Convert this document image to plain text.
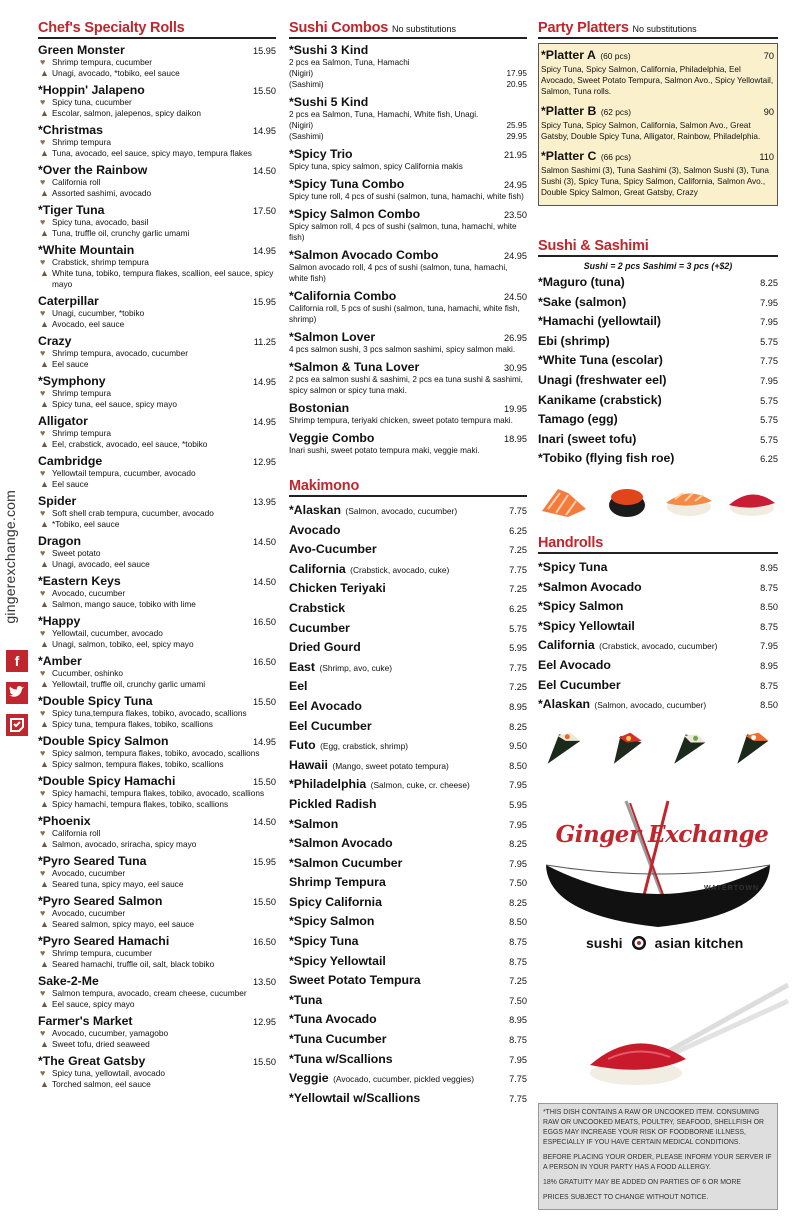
gingerexchange.com
f
Chef's Specialty Rolls
Green Monster	15.95
♥ Shrimp tempura, cucumber
▲ Unagi, avocado, *tobiko, eel sauce
*Hoppin' Jalapeno	15.50
♥ Spicy tuna, cucumber
▲ Escolar, salmon, jalepenos, spicy daikon
*Christmas	14.95
♥ Shrimp tempura
▲ Tuna, avocado, eel sauce, spicy mayo, tempura flakes
*Over the Rainbow	14.50
♥ California roll
▲ Assorted sashimi, avocado
*Tiger Tuna	17.50
♥ Spicy tuna, avocado, basil
▲ Tuna, truffle oil, crunchy garlic umami
*White Mountain	14.95
♥ Crabstick, shrimp tempura
▲ White tuna, tobiko, tempura flakes, scallion, eel sauce, spicy mayo
Caterpillar	15.95
♥ Unagi, cucumber, *tobiko
▲ Avocado, eel sauce
Crazy	11.25
♥ Shrimp tempura, avocado, cucumber
▲ Eel sauce
*Symphony	14.95
♥ Shrimp tempura
▲ Spicy tuna, eel sauce, spicy mayo
Alligator	14.95
♥ Shrimp tempura
▲ Eel, crabstick, avocado, eel sauce, *tobiko
Cambridge	12.95
♥ Yellowtail tempura, cucumber, avocado
▲ Eel sauce
Spider	13.95
♥ Soft shell crab tempura, cucumber, avocado
▲ *Tobiko, eel sauce
Dragon	14.50
♥ Sweet potato
▲ Unagi, avocado, eel sauce
*Eastern Keys	14.50
♥ Avocado, cucumber
▲ Salmon, mango sauce, tobiko with lime
*Happy	16.50
♥ Yellowtail, cucumber, avocado
▲ Unagi, salmon, tobiko, eel, spicy mayo
*Amber	16.50
♥ Cucumber, oshinko
▲ Yellowtail, truffle oil, crunchy garlic umami
*Double Spicy Tuna	15.50
♥ Spicy tuna,tempura flakes, tobiko, avocado, scallions
▲ Spicy tuna, tempura flakes, tobiko, scallions
*Double Spicy Salmon	14.95
♥ Spicy salmon, tempura flakes, tobiko, avocado, scallions
▲ Spicy salmon, tempura flakes, tobiko, scallions
*Double Spicy Hamachi	15.50
♥ Spicy hamachi, tempura flakes, tobiko, avocado, scallions
▲ Spicy hamachi, tempura flakes, tobiko, scallions
*Phoenix	14.50
♥ California roll
▲ Salmon, avocado, sriracha, spicy mayo
*Pyro Seared Tuna	15.95
♥ Avocado, cucumber
▲ Seared tuna, spicy mayo, eel sauce
*Pyro Seared Salmon	15.50
♥ Avocado, cucumber
▲ Seared salmon, spicy mayo, eel sauce
*Pyro Seared Hamachi	16.50
♥ Shrimp tempura, cucumber
▲ Seared hamachi, truffle oil, salt, black tobiko
Sake-2-Me	13.50
♥ Salmon tempura, avocado, cream cheese, cucumber
▲ Eel sauce, spicy mayo
Farmer's Market	12.95
♥ Avocado, cucumber, yamagobo
▲ Sweet tofu, dried seaweed
*The Great Gatsby	15.50
♥ Spicy tuna, yellowtail, avocado
▲ Torched salmon, eel sauce
Sushi Combos No substitutions
*Sushi 3 Kind
2 pcs ea Salmon, Tuna, Hamachi
(Nigiri)	17.95
(Sashimi)	20.95
*Sushi 5 Kind
2 pcs ea Salmon, Tuna, Hamachi, White fish, Unagi.
(Nigiri)	25.95
(Sashimi)	29.95
*Spicy Trio	21.95
Spicy tuna, spicy salmon, spicy California makis
*Spicy Tuna Combo	24.95
Spicy tune roll, 4 pcs of sushi (salmon, tuna, hamachi, white fish)
*Spicy Salmon Combo	23.50
Spicy salmon roll, 4 pcs of sushi (salmon, tuna, hamachi, white fish)
*Salmon Avocado Combo	24.95
Salmon avocado roll, 4 pcs of sushi (salmon, tuna, hamachi, white fish)
*California Combo	24.50
California roll, 5 pcs of sushi (salmon, tuna, hamachi, white fish, shrimp)
*Salmon Lover	26.95
4 pcs salmon sushi, 3 pcs salmon sashimi, spicy salmon maki.
*Salmon & Tuna Lover	30.95
2 pcs ea salmon sushi & sashimi, 2 pcs ea tuna sushi & sashimi, spicy salmon or spicy tuna maki.
Bostonian	19.95
Shrimp tempura, teriyaki chicken, sweet potato tempura maki.
Veggie Combo	18.95
Inari sushi, sweet potato tempura maki, veggie maki.
Makimono
*Alaskan (Salmon, avocado, cucumber)	7.75
Avocado	6.25
Avo-Cucumber	7.25
California (Crabstick, avocado, cuke)	7.75
Chicken Teriyaki	7.25
Crabstick	6.25
Cucumber	5.75
Dried Gourd	5.95
East (Shrimp, avo, cuke)	7.75
Eel	7.25
Eel Avocado	8.95
Eel Cucumber	8.25
Futo (Egg, crabstick, shrimp)	9.50
Hawaii (Mango, sweet potato tempura)	8.50
*Philadelphia (Salmon, cuke, cr. cheese)	7.95
Pickled Radish	5.95
*Salmon	7.95
*Salmon Avocado	8.25
*Salmon Cucumber	7.95
Shrimp Tempura	7.50
Spicy California	8.25
*Spicy Salmon	8.50
*Spicy Tuna	8.75
*Spicy Yellowtail	8.75
Sweet Potato Tempura	7.25
*Tuna	7.50
*Tuna Avocado	8.95
*Tuna Cucumber	8.75
*Tuna w/Scallions	7.95
Veggie (Avocado, cucumber, pickled veggies)	7.75
*Yellowtail w/Scallions	7.75
Party Platters No substitutions
*Platter A (60 pcs)	70
Spicy Tuna, Spicy Salmon, California, Philadelphia, Eel Avocado, Sweet Potato Tempura, Salmon Avo., Spicy Yellowtail, Salmon, Tuna rolls.
*Platter B (62 pcs)	90
Spicy Tuna, Spicy Salmon, California, Salmon Avo., Great Gatsby, Double Spicy Tuna, Alligator, Rainbow, Philadelphia.
*Platter C (66 pcs)	110
Salmon Sashimi (3), Tuna Sashimi (3), Salmon Sushi (3), Tuna Sushi (3), Spicy Tuna, Spicy Salmon, California, Salmon Avo., Double Spicy Salmon, Great Gatsby, Crazy
Sushi & Sashimi
Sushi = 2 pcs Sashimi = 3 pcs (+$2)
*Maguro (tuna)	8.25
*Sake (salmon)	7.95
*Hamachi (yellowtail)	7.95
Ebi (shrimp)	5.75
*White Tuna (escolar)	7.75
Unagi (freshwater eel)	7.95
Kanikame (crabstick)	5.75
Tamago (egg)	5.75
Inari (sweet tofu)	5.75
*Tobiko (flying fish roe)	6.25
Handrolls
*Spicy Tuna	8.95
*Salmon Avocado	8.75
*Spicy Salmon	8.50
*Spicy Yellowtail	8.75
California (Crabstick, avocado, cucumber)	7.95
Eel Avocado	8.95
Eel Cucumber	8.75
*Alaskan (Salmon, avocado, cucumber)	8.50
Ginger Exchange
WATERTOWN
sushi asian kitchen

*THIS DISH CONTAINS A RAW OR UNCOOKED ITEM. CONSUMING RAW OR UNCOOKED MEATS, POULTRY, SEAFOOD, SHELLFISH OR EGGS MAY INCREASE YOUR RISK OF FOODBORNE ILLNESS, ESPECIALLY IF YOU HAVE CERTAIN MEDICAL CONDITIONS.

BEFORE PLACING YOUR ORDER, PLEASE INFORM YOUR SERVER IF A PERSON IN YOUR PARTY HAS A FOOD ALLERGY.

18% GRATUITY MAY BE ADDED ON PARTIES OF 6 OR MORE

PRICES SUBJECT TO CHANGE WITHOUT NOTICE.
